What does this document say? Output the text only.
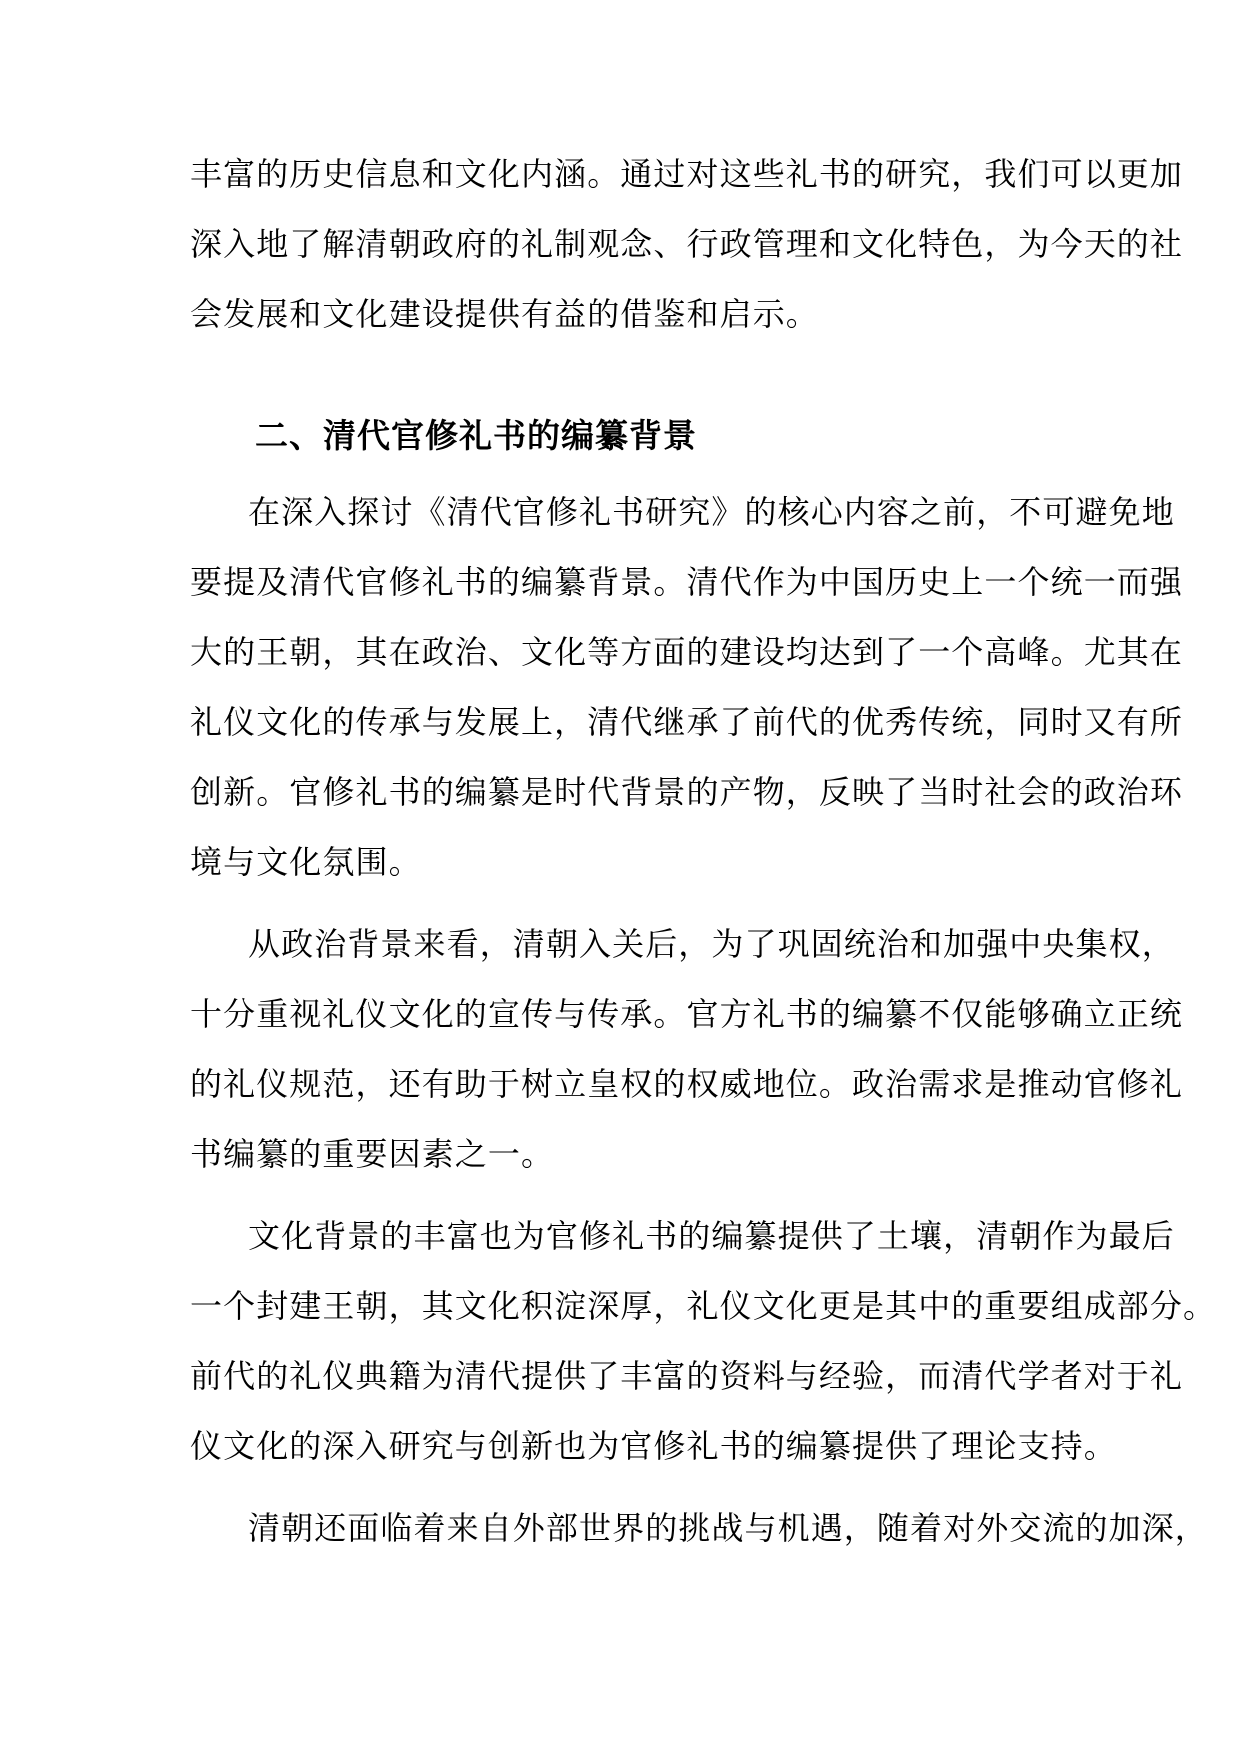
丰富的历史信息和文化内涵。通过对这些礼书的研究，我们可以更加
深入地了解清朝政府的礼制观念、行政管理和文化特色，为今天的社
会发展和文化建设提供有益的借鉴和启示。
二、清代官修礼书的编纂背景
在深入探讨《清代官修礼书研究》的核心内容之前，不可避免地
要提及清代官修礼书的编纂背景。清代作为中国历史上一个统一而强
大的王朝，其在政治、文化等方面的建设均达到了一个高峰。尤其在
礼仪文化的传承与发展上，清代继承了前代的优秀传统，同时又有所
创新。官修礼书的编纂是时代背景的产物，反映了当时社会的政治环
境与文化氛围。
从政治背景来看，清朝入关后，为了巩固统治和加强中央集权，
十分重视礼仪文化的宣传与传承。官方礼书的编纂不仅能够确立正统
的礼仪规范，还有助于树立皇权的权威地位。政治需求是推动官修礼
书编纂的重要因素之一。
文化背景的丰富也为官修礼书的编纂提供了土壤，清朝作为最后
一个封建王朝，其文化积淀深厚，礼仪文化更是其中的重要组成部分。
前代的礼仪典籍为清代提供了丰富的资料与经验，而清代学者对于礼
仪文化的深入研究与创新也为官修礼书的编纂提供了理论支持。
清朝还面临着来自外部世界的挑战与机遇，随着对外交流的加深，
